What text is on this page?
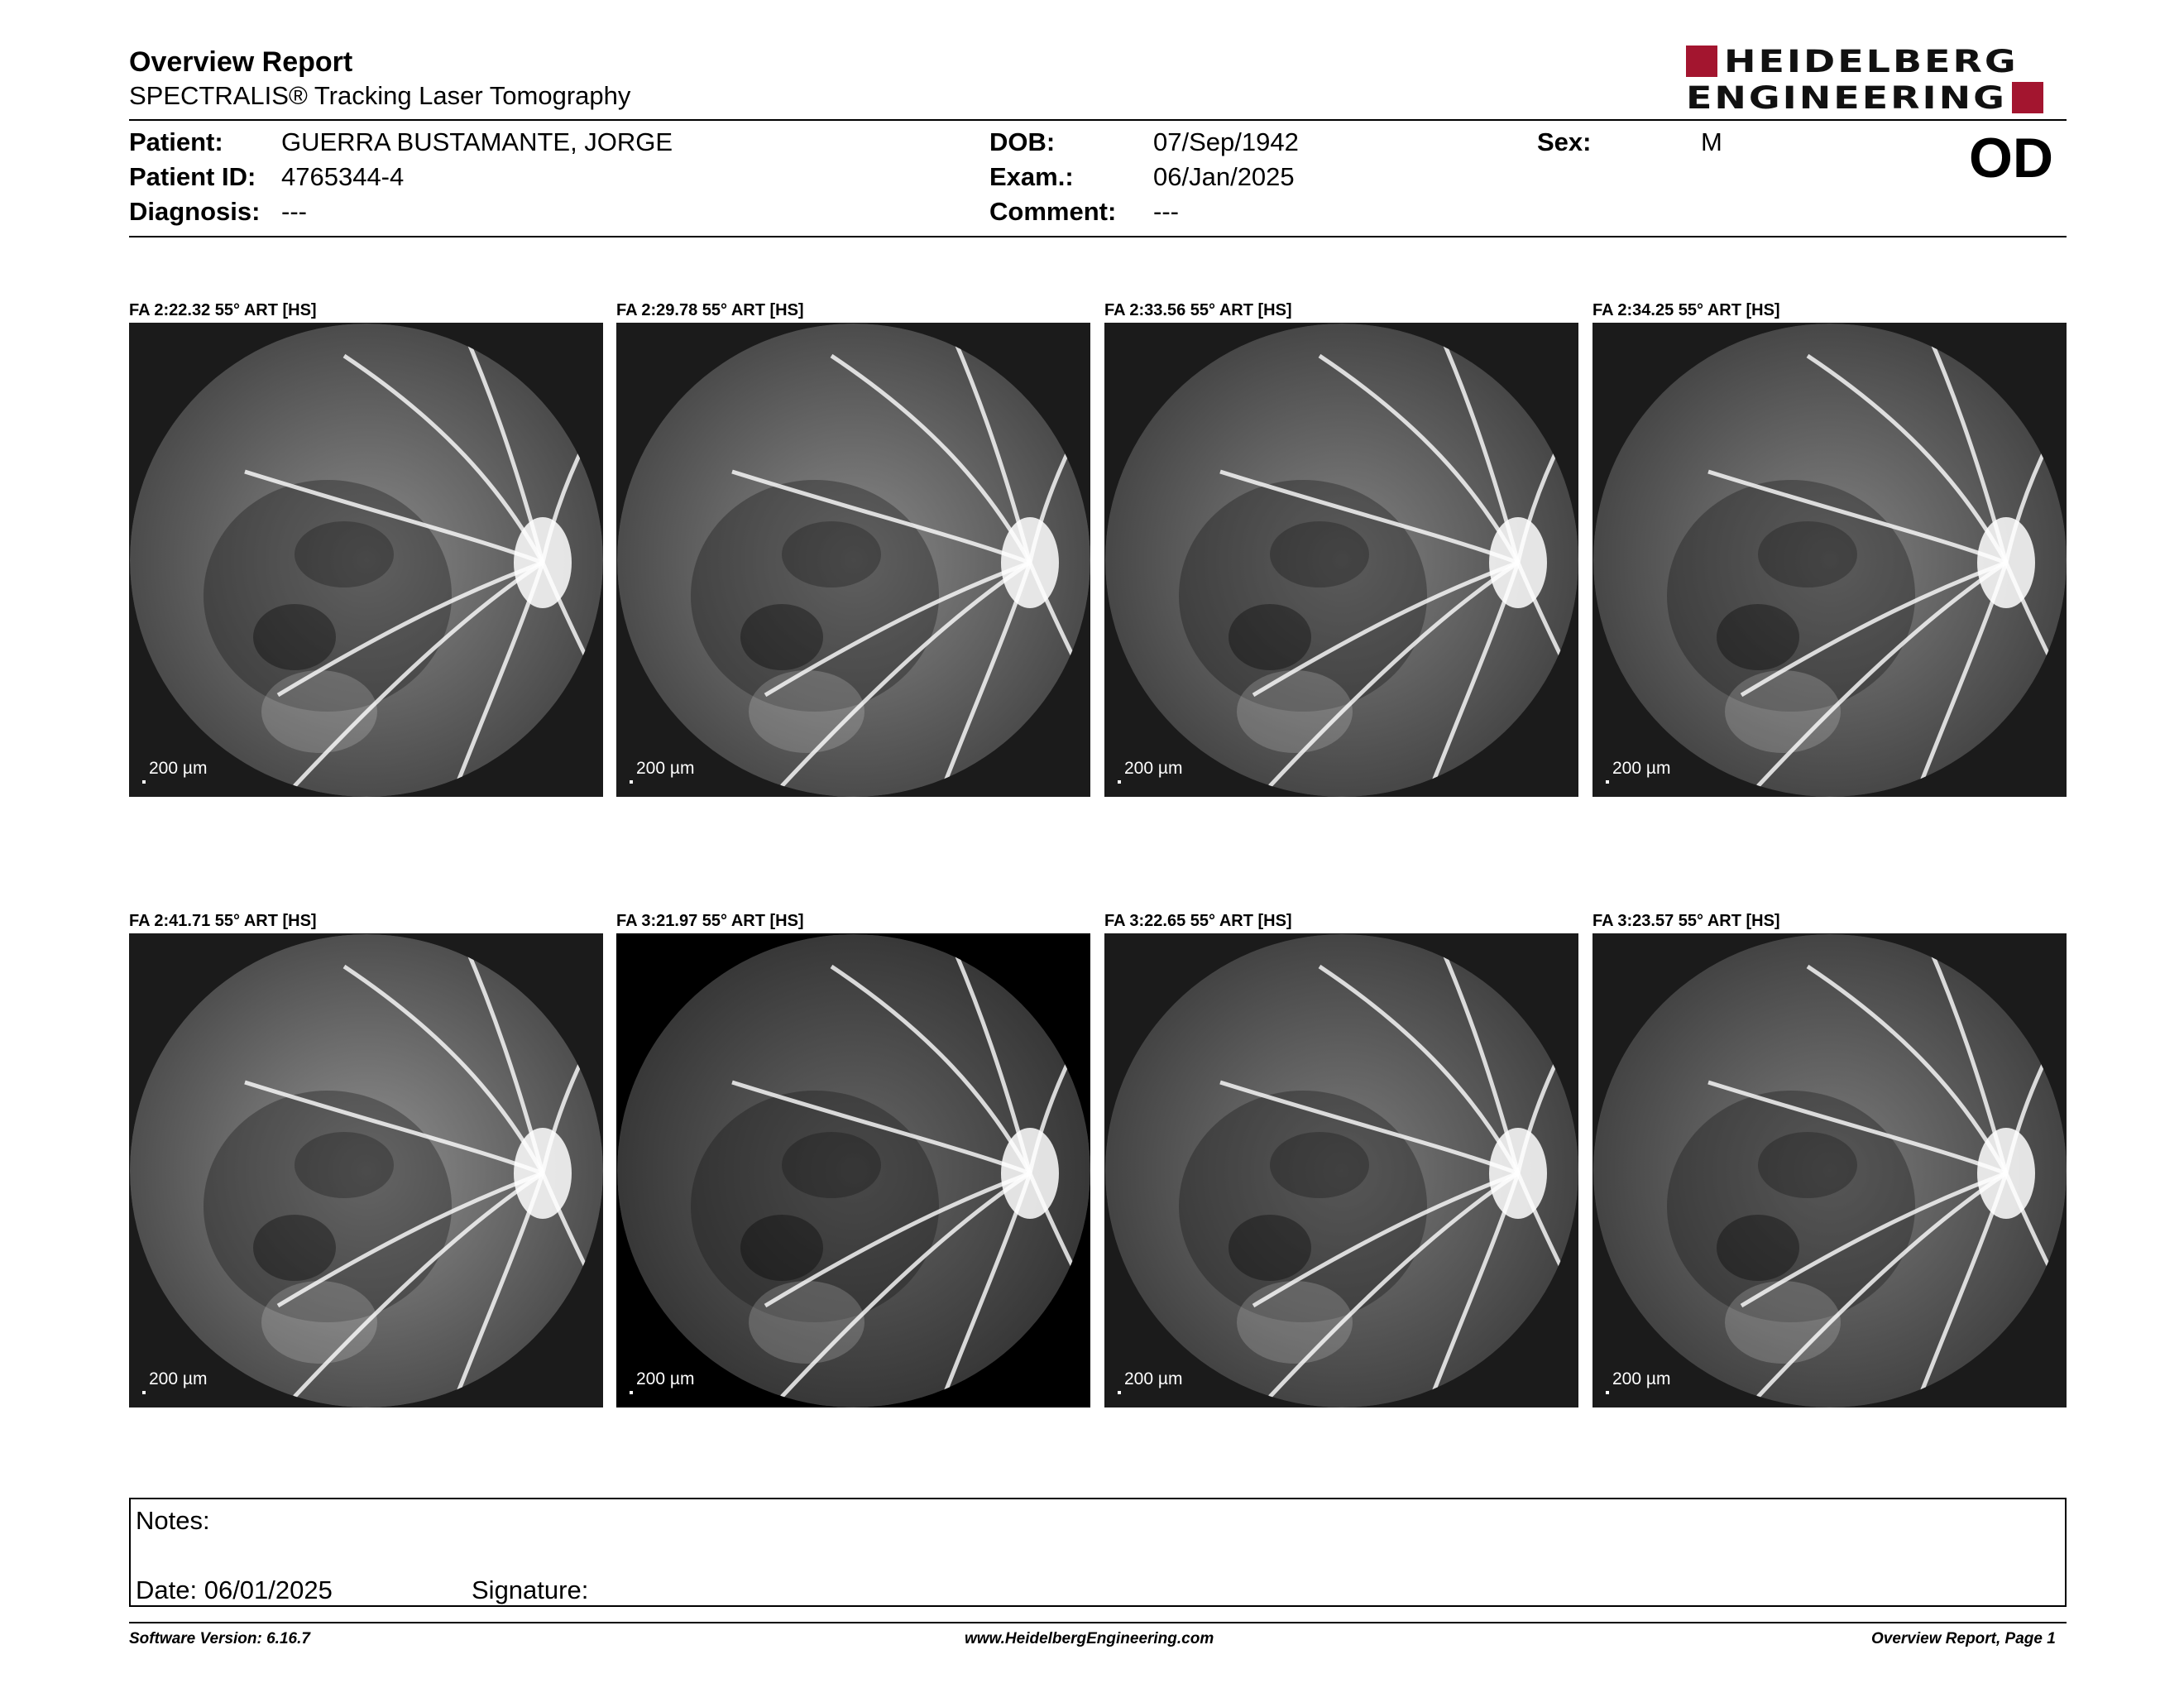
Overview Report
SPECTRALIS® Tracking Laser Tomography
HEIDELBERG
ENGINEERING
Patient: GUERRA BUSTAMANTE, JORGE
Patient ID: 4765344-4
Diagnosis: ---
DOB:	07/Sep/1942
Exam.:	06/Jan/2025
Comment: ---
Sex:	M	OD
FA 2:22.32 55° ART [HS]
200 µm
FA 2:29.78 55° ART [HS]
200 µm
FA 2:33.56 55° ART [HS]
200 µm
FA 2:34.25 55° ART [HS]
200 µm
FA 2:41.71 55° ART [HS]
200 µm
FA 3:21.97 55° ART [HS]
200 µm
FA 3:22.65 55° ART [HS]
200 µm
FA 3:23.57 55° ART [HS]
200 µm
Notes:
Date: 06/01/2025	Signature:
Software Version: 6.16.7	www.HeidelbergEngineering.com	Overview Report, Page 1
